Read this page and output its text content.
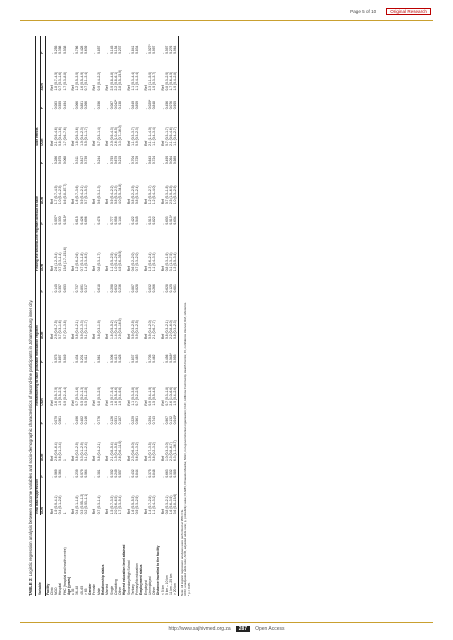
Page 5 of 10	Original Research
TABLE 3: Logistic regression analysis between outcome variables and socio-demographic characteristics of second-line participants in Johannesburg inner city.
Variable	Viral load suppression				Remembering to take pills/take medication regimen				Finding the second-line regimen difficult to take				Side effects			
	UOR	P	AOR	P	UOR	P	AOR	P	UOR	P	AOR	P	UOR	P	AOR	P
Facility																
Clinic	Ref	-	Ref	-	Ref	-	Ref	-	Ref	-	Ref	-	Ref	-	Ref	-
NGO	1.9 (0.9–4.1)	0.069	2.6 (0.9–6.4)	0.079	2.6 (0.9–7.9)	0.075	2.9 (0.9–7.5)	0.145	2.6 (1.2–5.4)	0.007*	1.7 (0.7–4.5)	0.286	2.1 (0.9–4.6)	0.083	1.8 (0.7–4.5)	0.255
Hospital	0.4 (0.1–2.8)	0.364	0.6 (0.1–3.4)	0.561	1.0 (0.5–2.3)	0.897	0.7 (0.3–1.6)	0.357	0.7 (0.3–1.4)	0.330	1.0 (0.4–2.5)	0.975	0.8 (0.4–1.6)	0.550	0.7 (0.3–1.6)	0.398
FHC (hospital and health centre)	1	-	1	-	0.9 (0.2–4.4)	0.949	0.7 (0.1–3.8)	0.653	15.6 (1.7–151.6)	0.015*	8.6 (0.8–87.7)	0.068	1.7 (0.6–7.6)	0.494	1.7 (0.3–8.8)	0.538
Age (years)																
≤ 35	Ref	-	Ref	-	Ref	-	Ref	-	Ref	-	Ref	-	Ref	-	Ref	-
36–48	0.4 (0.1–1.8)	0.239	0.8 (0.2–2.9)	0.496	0.7 (0.3–1.6)	0.434	0.8 (0.4–2.1)	0.737	1.2 (0.6–2.6)	0.615	1.6 (0.7–3.6)	0.311	1.8 (0.9–3.6)	0.066	1.2 (0.5–3.0)	0.786
49–65	0.3 (0.05–1.2)	0.079	0.3 (0.1–2.9)	0.482	0.5 (0.2–1.3)	0.201	0.9 (0.2–3.3)	0.891	0.7 (0.3–1.8)	0.426	0.9 (0.4–2.1)	0.817	1.0 (0.4–2.3)	0.881	1.6 (0.5–4.9)	0.428
> 65	0.2 (0.03–1.1)	0.064	0.1 (0.1–2.4)	0.146	0.5 (0.1–2.8)	0.411	0.1 (0.1–1.7)	0.317	1.4 (0.3–6.3)	0.696	0.7 (0.1–5.3)	0.739	0.5 (0.1–1.7)	0.266	0.7 (0.1–3.4)	0.639
Gender																
Female	Ref	-	Ref	-	Ref	-	Ref	-	Ref	-	Ref	-	Ref	-	Ref	-
Male	0.7 (0.3–1.4)	0.381	0.8 (0.4–2.1)	0.776	0.8 (0.3–2.0)	0.561	0.8 (0.3–1.9)	0.618	0.8 (0.3–1.7)	0.478	0.6 (0.3–1.3)	0.244	0.7 (0.3–1.4)	0.356	0.9 (0.4–2.2)	0.857
Relationship status																
Married	Ref	-	Ref	-	Ref	-	Ref	-	Ref	-	Ref	-	Ref	-	Ref	-
Single	1.5 (0.7–3.3)	0.302	2.1 (0.8–5.4)	0.126	1.5 (0.7–3.4)	0.306	1.8 (0.5–5.2)	0.298	1.1 (0.5–2.5)	0.777	0.9 (0.4–2.2)	0.793	2.0 (0.9–4.3)	0.087	2.0 (0.8–4.8)	0.145
Cohabiting	2.0 (0.6–6.5)	0.249	1.5 (0.4–5.8)	0.531	1.6 (0.5–4.6)	0.413	1.4 (0.4–5.2)	0.632	1.0 (0.4–2.6)	0.958	0.8 (0.3–2.3)	0.679	2.6 (1.0–6.5)	0.042*	2.2 (0.8–6.1)	0.154
Other	1.7 (0.3–9.4)	0.557	2.6 (0.6–11.0)	0.187	1.9 (0.4–9.6)	0.428	2.9 (0.5–16.9)	0.236	4.9 (0.6–39.5)	0.144	4.0 (0.5–34.8)	0.215	3.3 (0.7–16.0)	0.138	2.8 (0.5–15.9)	0.237
Highest education level attained																
Secondary/High School	Ref	-	Ref	-	Ref	-	Ref	-	Ref	-	Ref	-	Ref	-	Ref	-
Tertiary	1.6 (0.5–5.3)	0.432	2.3 (0.6–9.0)	0.229	1.1 (0.3–3.8)	0.837	0.9 (0.3–2.9)	0.887	0.6 (0.2–2.0)	0.422	0.8 (0.2–2.5)	0.704	1.1 (0.3–3.7)	0.849	1.1 (0.3–4.4)	0.841
Primary/No education	0.9 (0.3–2.9)	0.844	0.6 (0.1–3.2)	0.561	0.7 (0.2–2.0)	0.483	0.9 (0.3–2.5)	0.828	0.7 (0.3–2.0)	0.545	0.8 (0.3–2.4)	0.729	0.9 (0.3–2.3)	0.809	1.1 (0.4–3.4)	0.834
Employment status																
Employed	Ref	-	Ref	-	Ref	-	Ref	-	Ref	-	Ref	-	Ref	-	Ref	-
Unemployed	1.4 (0.7–2.8)	0.375	1.5 (0.7–3.5)	0.294	0.9 (0.4–1.9)	0.705	0.9 (0.4–2.0)	0.832	1.3 (0.6–2.4)	0.513	1.2 (0.5–2.7)	0.643	2.1 (1.1–4.0)	0.029*	2.3 (1.1–5.0)	0.027*
Other	1.1 (0.4–3.2)	0.848	0.8 (0.2–3.2)	0.743	1.5 (0.5–4.8)	0.462	2.1 (0.6–7.7)	0.266	1.1 (0.4–3.3)	0.822	1.2 (0.4–4.0)	0.724	1.1 (0.4–3.4)	0.848	1.0 (0.3–3.7)	0.997
Distance travelled to the facility																
< 5 km	Ref	-	Ref	-	Ref	-	Ref	-	Ref	-	Ref	-	Ref	-	Ref	-
5 km – 10 km	0.8 (0.3–2.1)	0.663	1.0 (0.3–3.0)	0.967	0.7 (0.3–1.8)	0.456	0.8 (0.3–2.1)	0.628	0.8 (0.3–1.9)	0.603	0.7 (0.3–1.8)	0.490	0.7 (0.3–1.7)	0.456	0.8 (0.3–2.0)	0.597
11 km – 20 km	1.6 (0.6–3.9)	0.332	2.3 (0.8–6.7)	0.132	2.6 (1.0–6.6)	0.048*	2.2 (0.8–6.0)	0.125	3.1 (1.3–7.5)	0.013*	2.5 (1.0–6.5)	0.054	2.1 (0.9–4.6)	0.076	1.7 (0.6–4.5)	0.276
> 20 km	3.6 (0.8–15.6)	0.089	6.3 (1.1–36.7)	0.040*	1.0 (0.4–2.6)	0.995	0.8 (0.3–2.3)	0.681	1.3 (0.5–3.4)	0.604	1.0 (0.3–2.9)	0.989	1.1 (0.4–2.7)	0.900	1.0 (0.4–2.8)	0.964
Note: All logistic regression analyses were performed at 95% CIs. UOR, unadjusted odds ratio; AOR, adjusted odds ratio; p, probability value; CHWN, Chiawelo Masiba; NGO, non-governmental organisation; FHC, Hillbrow Community Health Centre; CI, confidence interval; Ref, reference. * p < 0.05.
http://www.sajhivmed.org.za	287	Open Access
